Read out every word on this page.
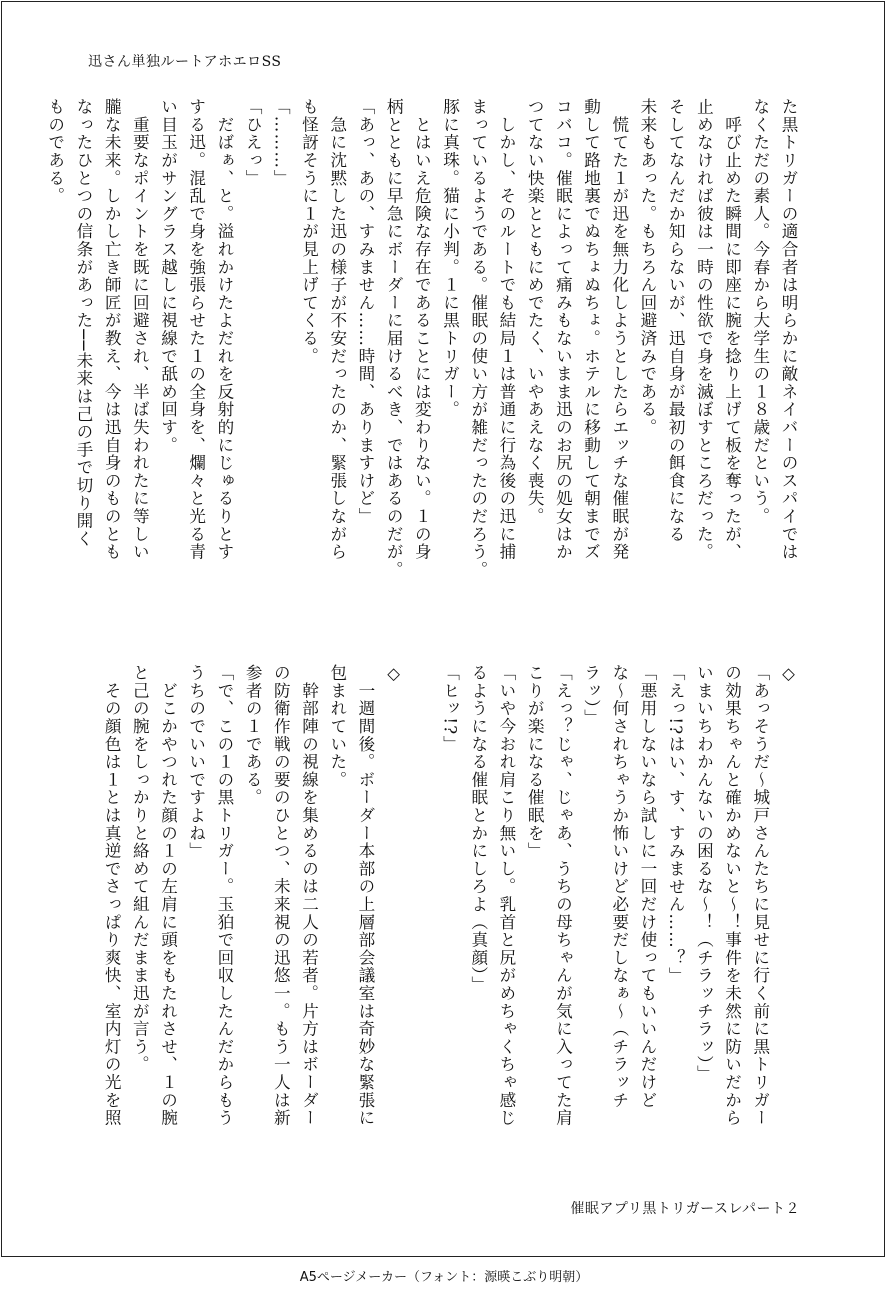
迅さん単独ルートアホエロSS

た黒トリガーの適合者は明らかに敵ネイバーのスパイでは

なくただの素人。今春から大学生の１８歳だという。

　呼び止めた瞬間に即座に腕を捻り上げて板を奪ったが、

止めなければ彼は一時の性欲で身を滅ぼすところだった。

そしてなんだか知らないが、迅自身が最初の餌食になる

未来もあった。もちろん回避済みである。

　慌てた１が迅を無力化しようとしたらエッチな催眠が発

動して路地裏でぬちょぬちょ。ホテルに移動して朝までズ

コバコ。催眠によって痛みもないまま迅のお尻の処女はか

つてない快楽とともにめでたく、いやあえなく喪失。

　しかし、そのルートでも結局１は普通に行為後の迅に捕

まっているようである。催眠の使い方が雑だったのだろう。

豚に真珠。猫に小判。１に黒トリガー。

　とはいえ危険な存在であることには変わりない。１の身

柄とともに早急にボーダーに届けるべき、ではあるのだが。

「あっ、あの、すみません……時間、ありますけど」

　急に沈黙した迅の様子が不安だったのか、緊張しながら

も怪訝そうに１が見上げてくる。

「………」

「ひえっ」

　だばぁ、と。溢れかけたよだれを反射的にじゅるりとす

する迅。混乱で身を強張らせた１の全身を、爛々と光る青

い目玉がサングラス越しに視線で舐め回す。

　重要なポイントを既に回避され、半ば失われたに等しい

朧な未来。しかし亡き師匠が教え、今は迅自身のものとも

なったひとつの信条があった──未来は己の手で切り開く

ものである。

◇

「あっそうだ～城戸さんたちに見せに行く前に黒トリガー

の効果ちゃんと確かめないと～！事件を未然に防いだから

いまいちわかんないの困るな～！（チラッチラッ）」

「えっ!?はい、す、すみません……？」

「悪用しないなら試しに一回だけ使ってもいいんだけど

な～何されちゃうか怖いけど必要だしなぁ～（チラッチ

ラッ）」

「えっ？じゃ、じゃあ、うちの母ちゃんが気に入ってた肩

こりが楽になる催眠を」

「いや今おれ肩こり無いし。乳首と尻がめちゃくちゃ感じ

るようになる催眠とかにしろよ（真顔）」

「ヒッ!?」

◇

　一週間後。ボーダー本部の上層部会議室は奇妙な緊張に

包まれていた。

　幹部陣の視線を集めるのは二人の若者。片方はボーダー

の防衛作戦の要のひとつ、未来視の迅悠一。もう一人は新

参者の１である。

「で、この１の黒トリガー。玉狛で回収したんだからもう

うちのでいいですよね」

　どこかやつれた顔の１の左肩に頭をもたれさせ、１の腕

と己の腕をしっかりと絡めて組んだまま迅が言う。

　その顔色は１とは真逆でさっぱり爽快、室内灯の光を照

催眠アプリ黒トリガースレパート２
A5ページメーカー（フォント：源暎こぶり明朝）
